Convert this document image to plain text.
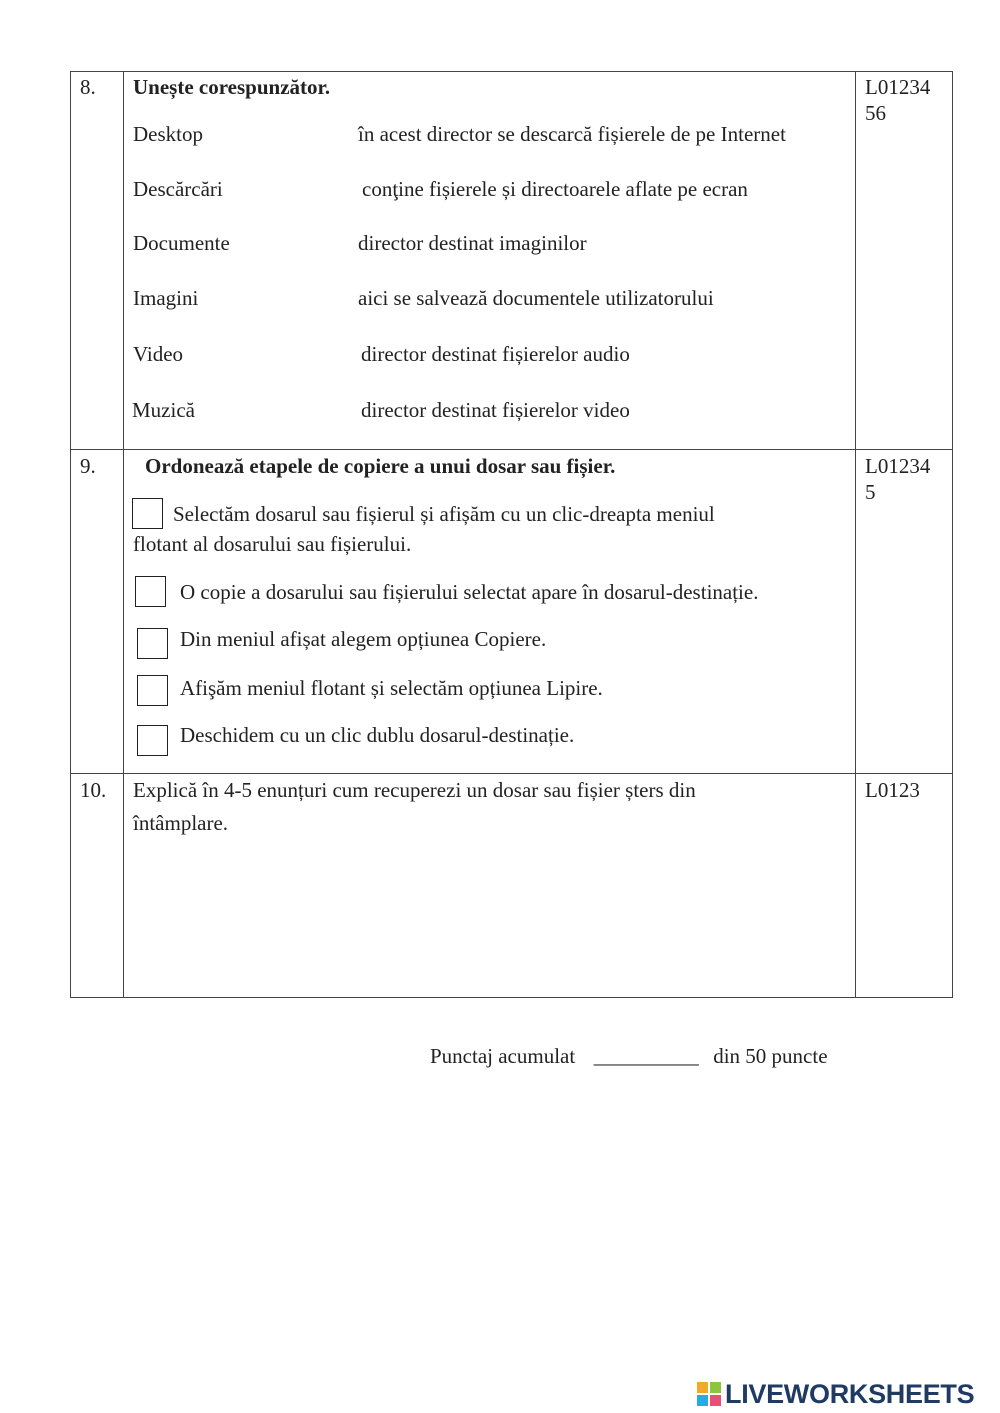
8. Unește corespunzător.	L01234
56
Desktop
Descărcări
Documente
Imagini
Video
Muzică
în acest director se descarcă fișierele de pe Internet
conţine fișierele și directoarele aflate pe ecran
director destinat imaginilor
aici se salvează documentele utilizatorului
director destinat fișierelor audio
director destinat fișierelor video
9. Ordonează etapele de copiere a unui dosar sau fișier.	L01234
5
Selectăm dosarul sau fișierul și afișăm cu un clic-dreapta meniul
flotant al dosarului sau fișierului.
O copie a dosarului sau fișierului selectat apare în dosarul-destinație.
Din meniul afișat alegem opțiunea Copiere.
Afişăm meniul flotant și selectăm opțiunea Lipire.
Deschidem cu un clic dublu dosarul-destinație.
10. Explică în 4-5 enunțuri cum recuperezi un dosar sau fișier șters din
întâmplare.
L0123
Punctaj acumulat __________ din 50 puncte
LIVEWORKSHEETS
